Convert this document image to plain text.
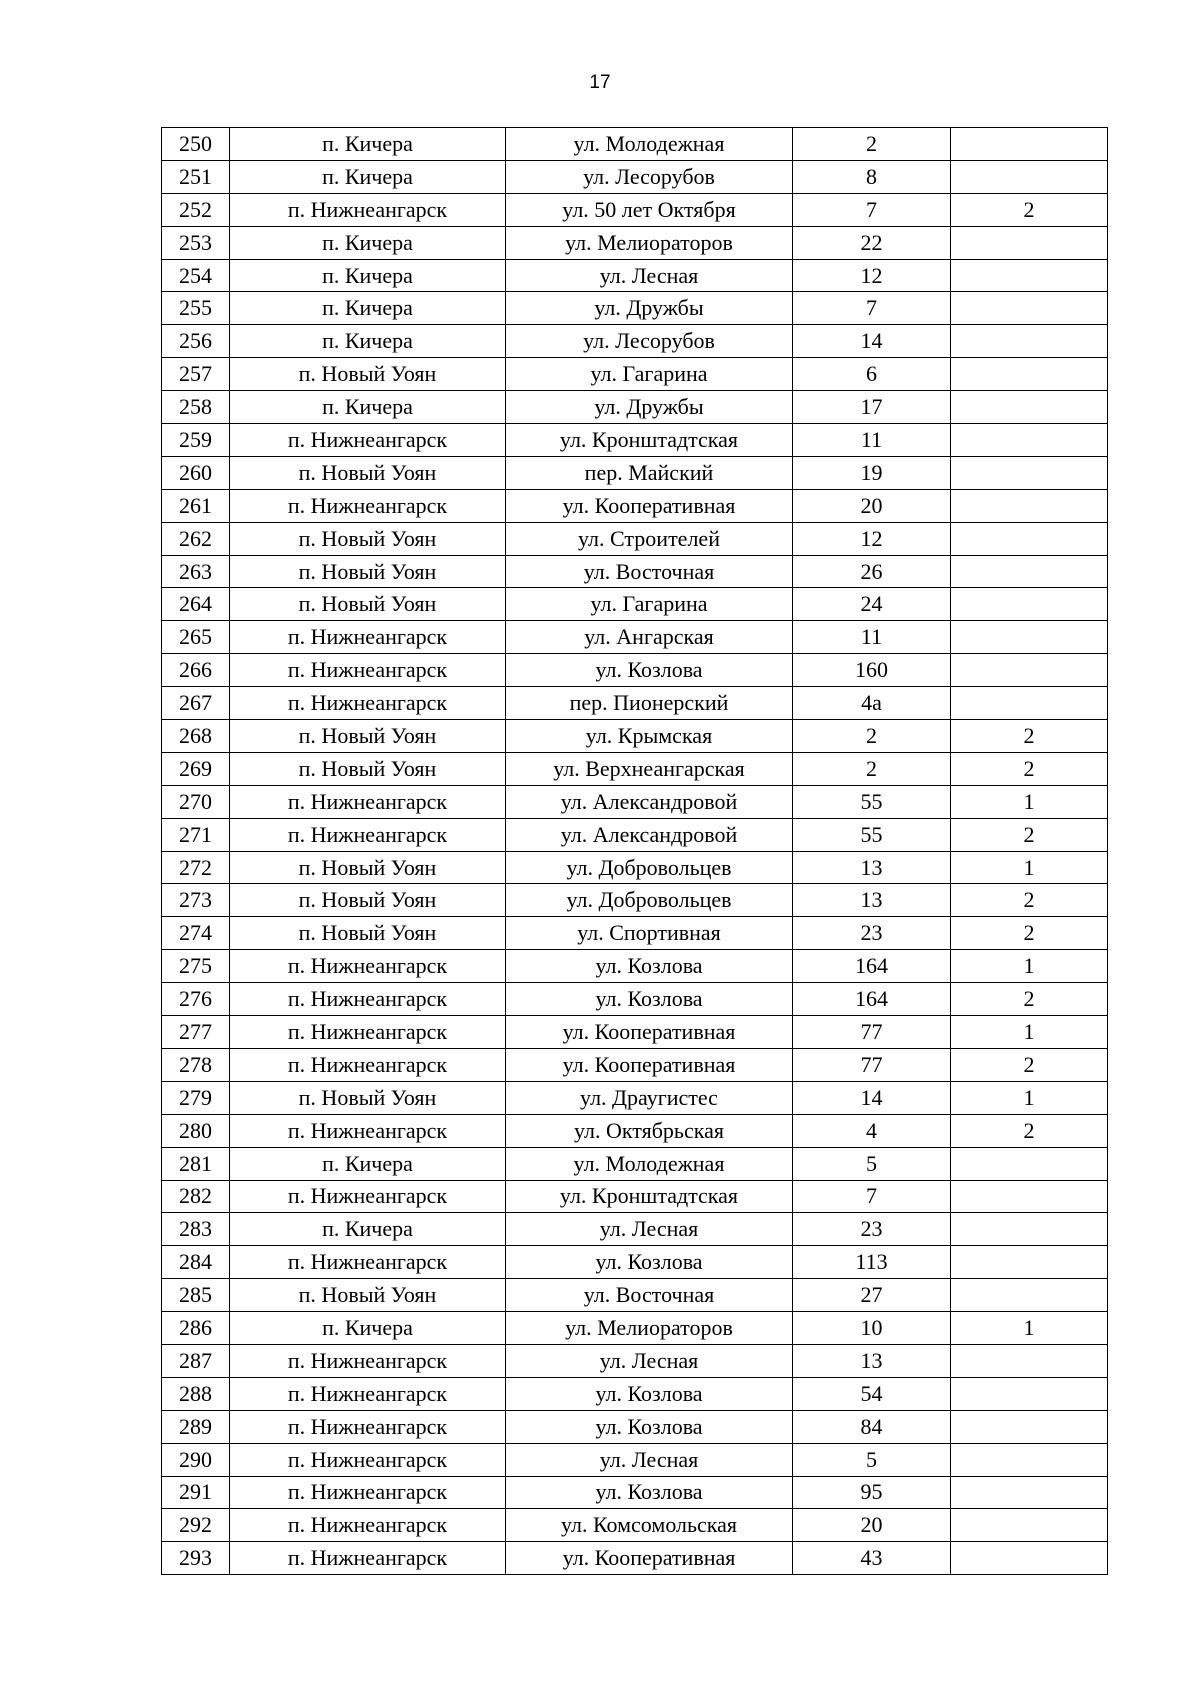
17
250	п. Кичера	ул. Молодежная	2	
251	п. Кичера	ул. Лесорубов	8	
252	п. Нижнеангарск	ул. 50 лет Октября	7	2
253	п. Кичера	ул. Мелиораторов	22	
254	п. Кичера	ул. Лесная	12	
255	п. Кичера	ул. Дружбы	7	
256	п. Кичера	ул. Лесорубов	14	
257	п. Новый Уоян	ул. Гагарина	6	
258	п. Кичера	ул. Дружбы	17	
259	п. Нижнеангарск	ул. Кронштадтская	11	
260	п. Новый Уоян	пер. Майский	19	
261	п. Нижнеангарск	ул. Кооперативная	20	
262	п. Новый Уоян	ул. Строителей	12	
263	п. Новый Уоян	ул. Восточная	26	
264	п. Новый Уоян	ул. Гагарина	24	
265	п. Нижнеангарск	ул. Ангарская	11	
266	п. Нижнеангарск	ул. Козлова	160	
267	п. Нижнеангарск	пер. Пионерский	4а	
268	п. Новый Уоян	ул. Крымская	2	2
269	п. Новый Уоян	ул. Верхнеангарская	2	2
270	п. Нижнеангарск	ул. Александровой	55	1
271	п. Нижнеангарск	ул. Александровой	55	2
272	п. Новый Уоян	ул. Добровольцев	13	1
273	п. Новый Уоян	ул. Добровольцев	13	2
274	п. Новый Уоян	ул. Спортивная	23	2
275	п. Нижнеангарск	ул. Козлова	164	1
276	п. Нижнеангарск	ул. Козлова	164	2
277	п. Нижнеангарск	ул. Кооперативная	77	1
278	п. Нижнеангарск	ул. Кооперативная	77	2
279	п. Новый Уоян	ул. Драугистес	14	1
280	п. Нижнеангарск	ул. Октябрьская	4	2
281	п. Кичера	ул. Молодежная	5	
282	п. Нижнеангарск	ул. Кронштадтская	7	
283	п. Кичера	ул. Лесная	23	
284	п. Нижнеангарск	ул. Козлова	113	
285	п. Новый Уоян	ул. Восточная	27	
286	п. Кичера	ул. Мелиораторов	10	1
287	п. Нижнеангарск	ул. Лесная	13	
288	п. Нижнеангарск	ул. Козлова	54	
289	п. Нижнеангарск	ул. Козлова	84	
290	п. Нижнеангарск	ул. Лесная	5	
291	п. Нижнеангарск	ул. Козлова	95	
292	п. Нижнеангарск	ул. Комсомольская	20	
293	п. Нижнеангарск	ул. Кооперативная	43	
